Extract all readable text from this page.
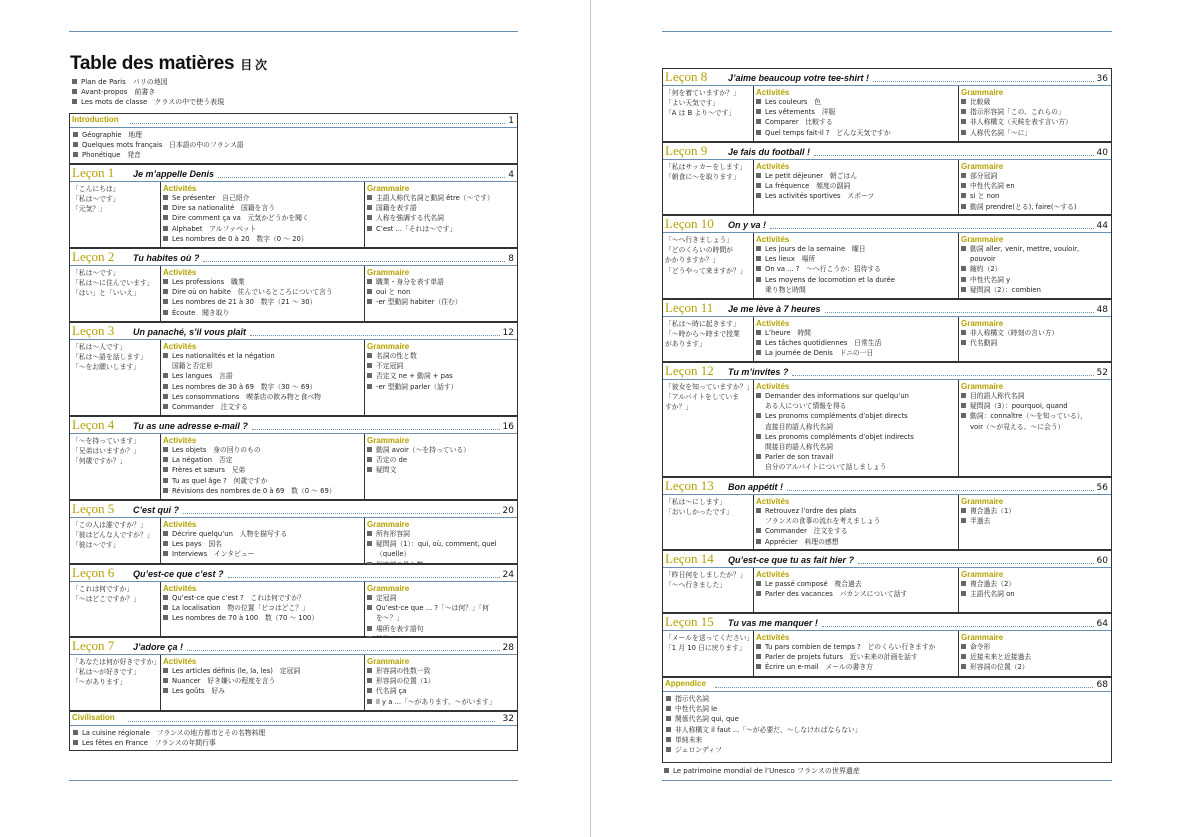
Table des matières 目 次
Plan de Paris　パリの地図
Avant-propos　前書き
Les mots de classe　クラスの中で使う表現
Introduction	1
Géographie　地理
Quelques mots français　日本語の中のフランス語
Phonétique　発音
Leçon 1 Je m’appelle Denis	4
「こんにちは」
「私は～です」
「元気？」
Activités
Se présenter　自己紹介
Dire sa nationalité　国籍を言う
Dire comment ça va　元気かどうかを聞く
Alphabet　アルファベット
Les nombres de 0 à 20　数字（0 ～ 20）
Grammaire
主語人称代名詞と動詞 être（～です）
国籍を表す語
人称を強調する代名詞
C’est ...「それは～です」
Leçon 2 Tu habites où ?	8
「私は～です」
「私は～に住んでいます」
「はい」と「いいえ」
Activités
Les professions　職業
Dire où on habite　住んでいるところについて言う
Les nombres de 21 à 30　数字（21 ～ 30）
Écoute　聞き取り
Grammaire
職業・身分を表す単語
oui と non
-er 型動詞 habiter（住む）
Leçon 3 Un panaché, s’il vous plaît	12
「私は～人です」
「私は～語を話します」
「～をお願いします」
Activités
Les nationalités et la négation
国籍と否定形
Les langues　言語
Les nombres de 30 à 69　数字（30 ～ 69）
Les consommations　喫茶店の飲み物と食べ物
Commander　注文する
Grammaire
名詞の性と数
不定冠詞
否定文 ne + 動詞 + pas
-er 型動詞 parler（話す）
Leçon 4 Tu as une adresse e-mail ?	16
「～を持っています」
「兄弟はいますか？」
「何歳ですか？」
Activités
Les objets　身の回りのもの
La négation　否定
Frères et sœurs　兄弟
Tu as quel âge ?　何歳ですか
Révisions des nombres de 0 à 69　数（0 ～ 69）
Grammaire
動詞 avoir（～を持っている）
否定の de
疑問文
Leçon 5 C’est qui ?	20
「この人は誰ですか？」
「彼はどんな人ですか？」
「彼は～です」
Activités
Décrire quelqu’un　人物を描写する
Les pays　国名
Interviews　インタビュー
Grammaire
所有形容詞
疑問詞（1）：qui, où, comment, quel
（quelle）
Leçon 6 Qu’est-ce que c’est ?	24
「これは何ですか」
「～はどこですか？」
Activités
Qu’est-ce que c’est ?　これは何ですか？
La localisation　物の位置「ピコはどこ？」
Les nombres de 70 à 100　数（70 ～ 100）
Grammaire
定冠詞
Qu’est-ce que ... ?「～は何？」「何
を～？」
場所を表す語句
Leçon 7 J’adore ça !	28
「あなたは何が好きですか」
「私は～が好きです」
「～があります」
Activités
Les articles définis (le, la, les)　定冠詞
Nuancer　好き嫌いの程度を言う
Les goûts　好み
Grammaire
形容詞の性数一致
形容詞の位置（1）
代名詞 ça
Il y a ...「～があります、～がいます」
Civilisation	32
La cuisine régionale　フランスの地方都市とその名物料理
Les fêtes en France　フランスの年間行事
Leçon 8 J’aime beaucoup votre tee-shirt !	36
「何を着ていますか？」
「よい天気です」
「A は B より～です」
Activités
Les couleurs　色
Les vêtements　洋服
Comparer　比較する
Quel temps fait-il ?　どんな天気ですか
Grammaire
比較級
指示形容詞「この、これらの」
非人称構文（天候を表す言い方）
人称代名詞「～に」
Leçon 9 Je fais du football !	40
「私はサッカーをします」
「朝食に～を取ります」
Activités
Le petit déjeuner　朝ごはん
La fréquence　頻度の副詞
Les activités sportives　スポーツ
Grammaire
部分冠詞
中性代名詞 en
si と non
動詞 prendre(とる), faire(～する)
Leçon 10 On y va !	44
「～へ行きましょう」
「どのくらいの時間が
かかりますか？」
「どうやって来ますか？」
Activités
Les jours de la semaine　曜日
Les lieux　場所
On va ... ?　～へ行こうか：招待する
Les moyens de locomotion et la durée
乗り物と時間
Grammaire
動詞 aller, venir, mettre, vouloir,
pouvoir
縮約（2）
中性代名詞 y
疑問詞（2）：combien
Leçon 11 Je me lève à 7 heures	48
「私は～時に起きます」
「～時から～時まで授業
があります」
Activités
L’heure　時間
Les tâches quotidiennes　日常生活
La journée de Denis　ドニの一日
Grammaire
非人称構文（時刻の言い方）
代名動詞
Leçon 12 Tu m’invites ?	52
「彼女を知っていますか？」
「アルバイトをしていま
すか？」
Activités
Demander des informations sur quelqu’un
ある人について情報を得る
Les pronoms compléments d’objet directs
直接目的語人称代名詞
Les pronoms compléments d’objet indirects
間接目的語人称代名詞
Parler de son travail
自分のアルバイトについて話しましょう
Grammaire
目的語人称代名詞
疑問詞（3）：pourquoi, quand
動詞：connaître（～を知っている），
voir（～が見える、～に会う）
Leçon 13 Bon appétit !	56
「私は～にします」
「おいしかったです」
Activités
Retrouvez l’ordre des plats
フランスの食事の流れを考えましょう
Commander　注文をする
Apprécier　料理の感想
Grammaire
複合過去（1）
半過去
Leçon 14 Qu’est-ce que tu as fait hier ?	60
「昨日何をしましたか？」
「～へ行きました」
Activités
Le passé composé　複合過去
Parler des vacances　バカンスについて話す
Grammaire
複合過去（2）
主語代名詞 on
Leçon 15 Tu vas me manquer !	64
「メールを送ってください」
「1 月 10 日に戻ります」
Activités
Tu pars combien de temps ?　どのくらい行きますか
Parler de projets futurs　近い未来の計画を話す
Écrire un e-mail　メールの書き方
Grammaire
命令形
近接未来と近接過去
形容詞の位置（2）
Appendice	68
指示代名詞
中性代名詞 le
関係代名詞 qui, que
非人称構文 il faut ...「～が必要だ、～しなければならない」
単純未来
ジェロンディフ
Le patrimoine mondial de l’Unesco フランスの世界遺産
